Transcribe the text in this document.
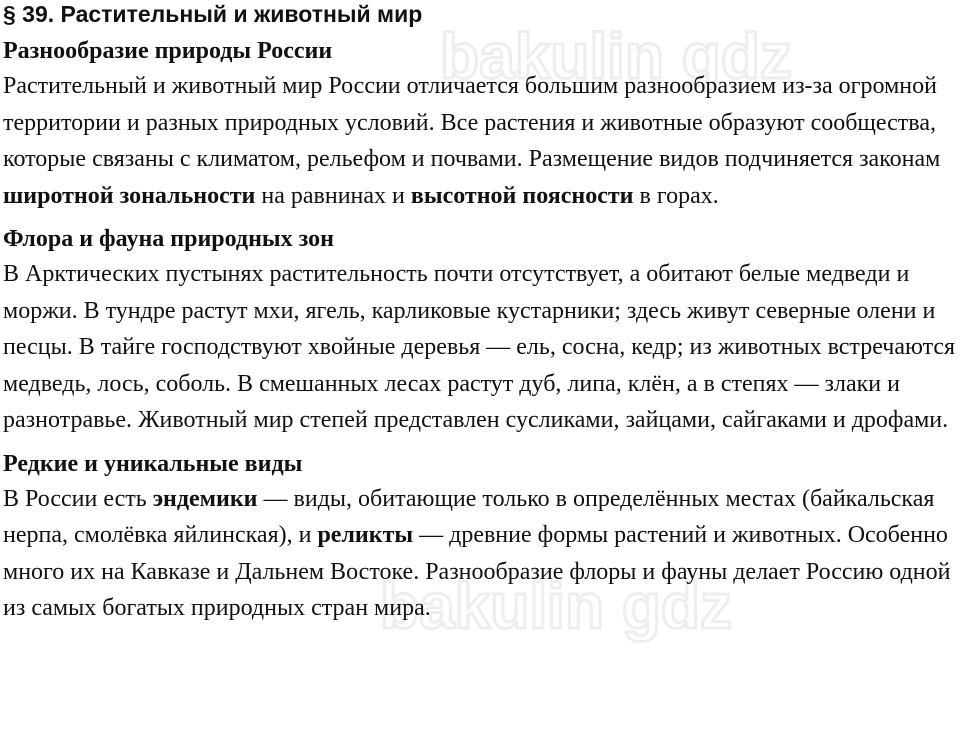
bakulin gdz
bakulin gdz
§ 39. Растительный и животный мир
Разнообразие природы России

Растительный и животный мир России отличается большим разнообразием из-за огромной территории и разных природных условий. Все растения и животные образуют сообщества, которые связаны с климатом, рельефом и почвами. Размещение видов подчиняется законам широтной зональности на равнинах и высотной поясности в горах.

Флора и фауна природных зон

В Арктических пустынях растительность почти отсутствует, а обитают белые медведи и моржи. В тундре растут мхи, ягель, карликовые кустарники; здесь живут северные олени и песцы. В тайге господствуют хвойные деревья — ель, сосна, кедр; из животных встречаются медведь, лось, соболь. В смешанных лесах растут дуб, липа, клён, а в степях — злаки и разнотравье. Животный мир степей представлен сусликами, зайцами, сайгаками и дрофами.

Редкие и уникальные виды

В России есть эндемики — виды, обитающие только в определённых местах (байкальская нерпа, смолёвка яйлинская), и реликты — древние формы растений и животных. Особенно много их на Кавказе и Дальнем Востоке. Разнообразие флоры и фауны делает Россию одной из самых богатых природных стран мира.
